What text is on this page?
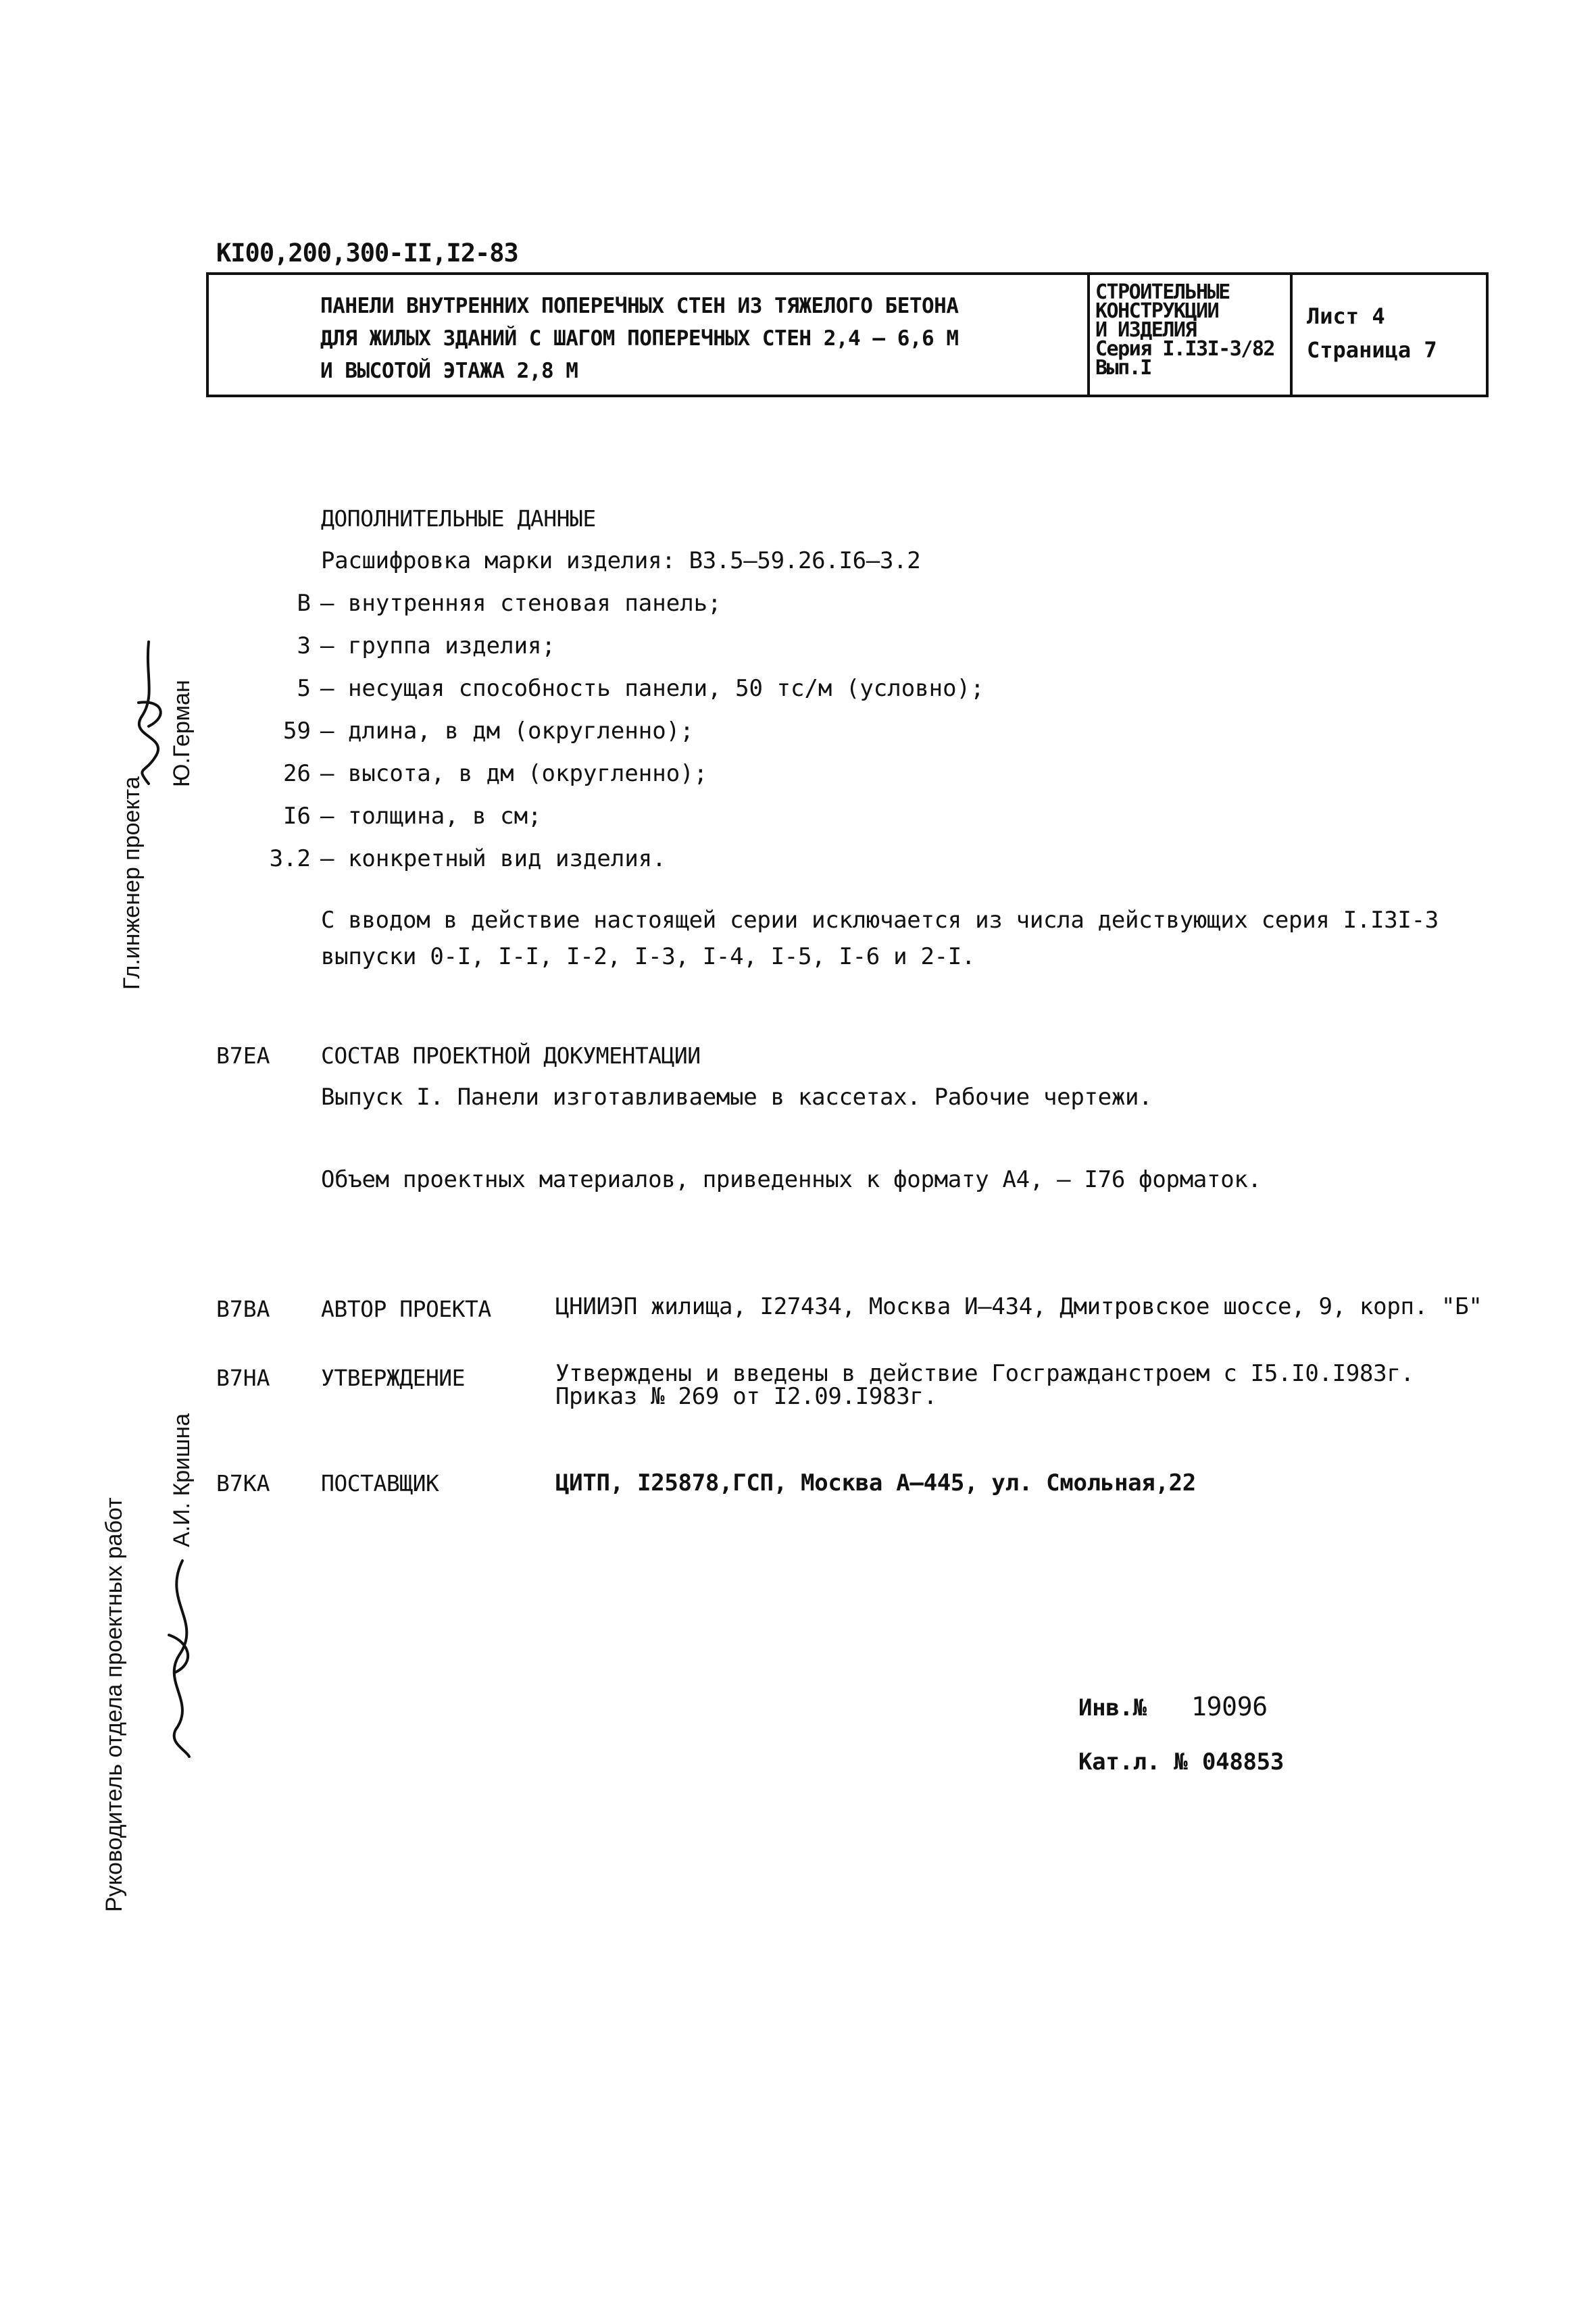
KI00,200,300-II,I2-83
ПАНЕЛИ ВНУТРЕННИХ ПОПЕРЕЧНЫХ СТЕН ИЗ ТЯЖЕЛОГО БЕТОНА
ДЛЯ ЖИЛЫХ ЗДАНИЙ С ШАГОМ ПОПЕРЕЧНЫХ СТЕН 2,4 – 6,6 М
И ВЫСОТОЙ ЭТАЖА 2,8 М
СТРОИТЕЛЬНЫЕ
КОНСТРУКЦИИ
И ИЗДЕЛИЯ
Серия I.I3I-3/82
Вып.I
Лист 4
Страница 7
ДОПОЛНИТЕЛЬНЫЕ ДАННЫЕ
Расшифровка марки изделия: В3.5–59.26.I6–3.2
В – внутренняя стеновая панель;
3 – группа изделия;
5 – несущая способность панели, 50 тс/м (условно);
59 – длина, в дм (округленно);
26 – высота, в дм (округленно);
I6 – толщина, в см;
3.2 – конкретный вид изделия.
С вводом в действие настоящей серии исключается из числа действующих серия I.I3I-3
выпуски 0-I, I-I, I-2, I-3, I-4, I-5, I-6 и 2-I.
В7ЕА СОСТАВ ПРОЕКТНОЙ ДОКУМЕНТАЦИИ
Выпуск I. Панели изготавливаемые в кассетах. Рабочие чертежи.
Объем проектных материалов, приведенных к формату А4, – I76 форматок.
В7ВА АВТОР ПРОЕКТА	ЦНИИЭП жилища, I27434, Москва И–434, Дмитровское шоссе, 9, корп. "Б"
В7НА УТВЕРЖДЕНИЕ	Утверждены и введены в действие Госгражданстроем с I5.I0.I983г.
Приказ № 269 от I2.09.I983г.
В7КА ПОСТАВЩИК	ЦИТП, I25878,ГСП, Москва А–445, ул. Смольная,22
Инв.№ 19096
Кат.л. № 048853
Гл.инженер проекта
Ю.Герман
Руководитель отдела проектных работ
А.И. Кришна
